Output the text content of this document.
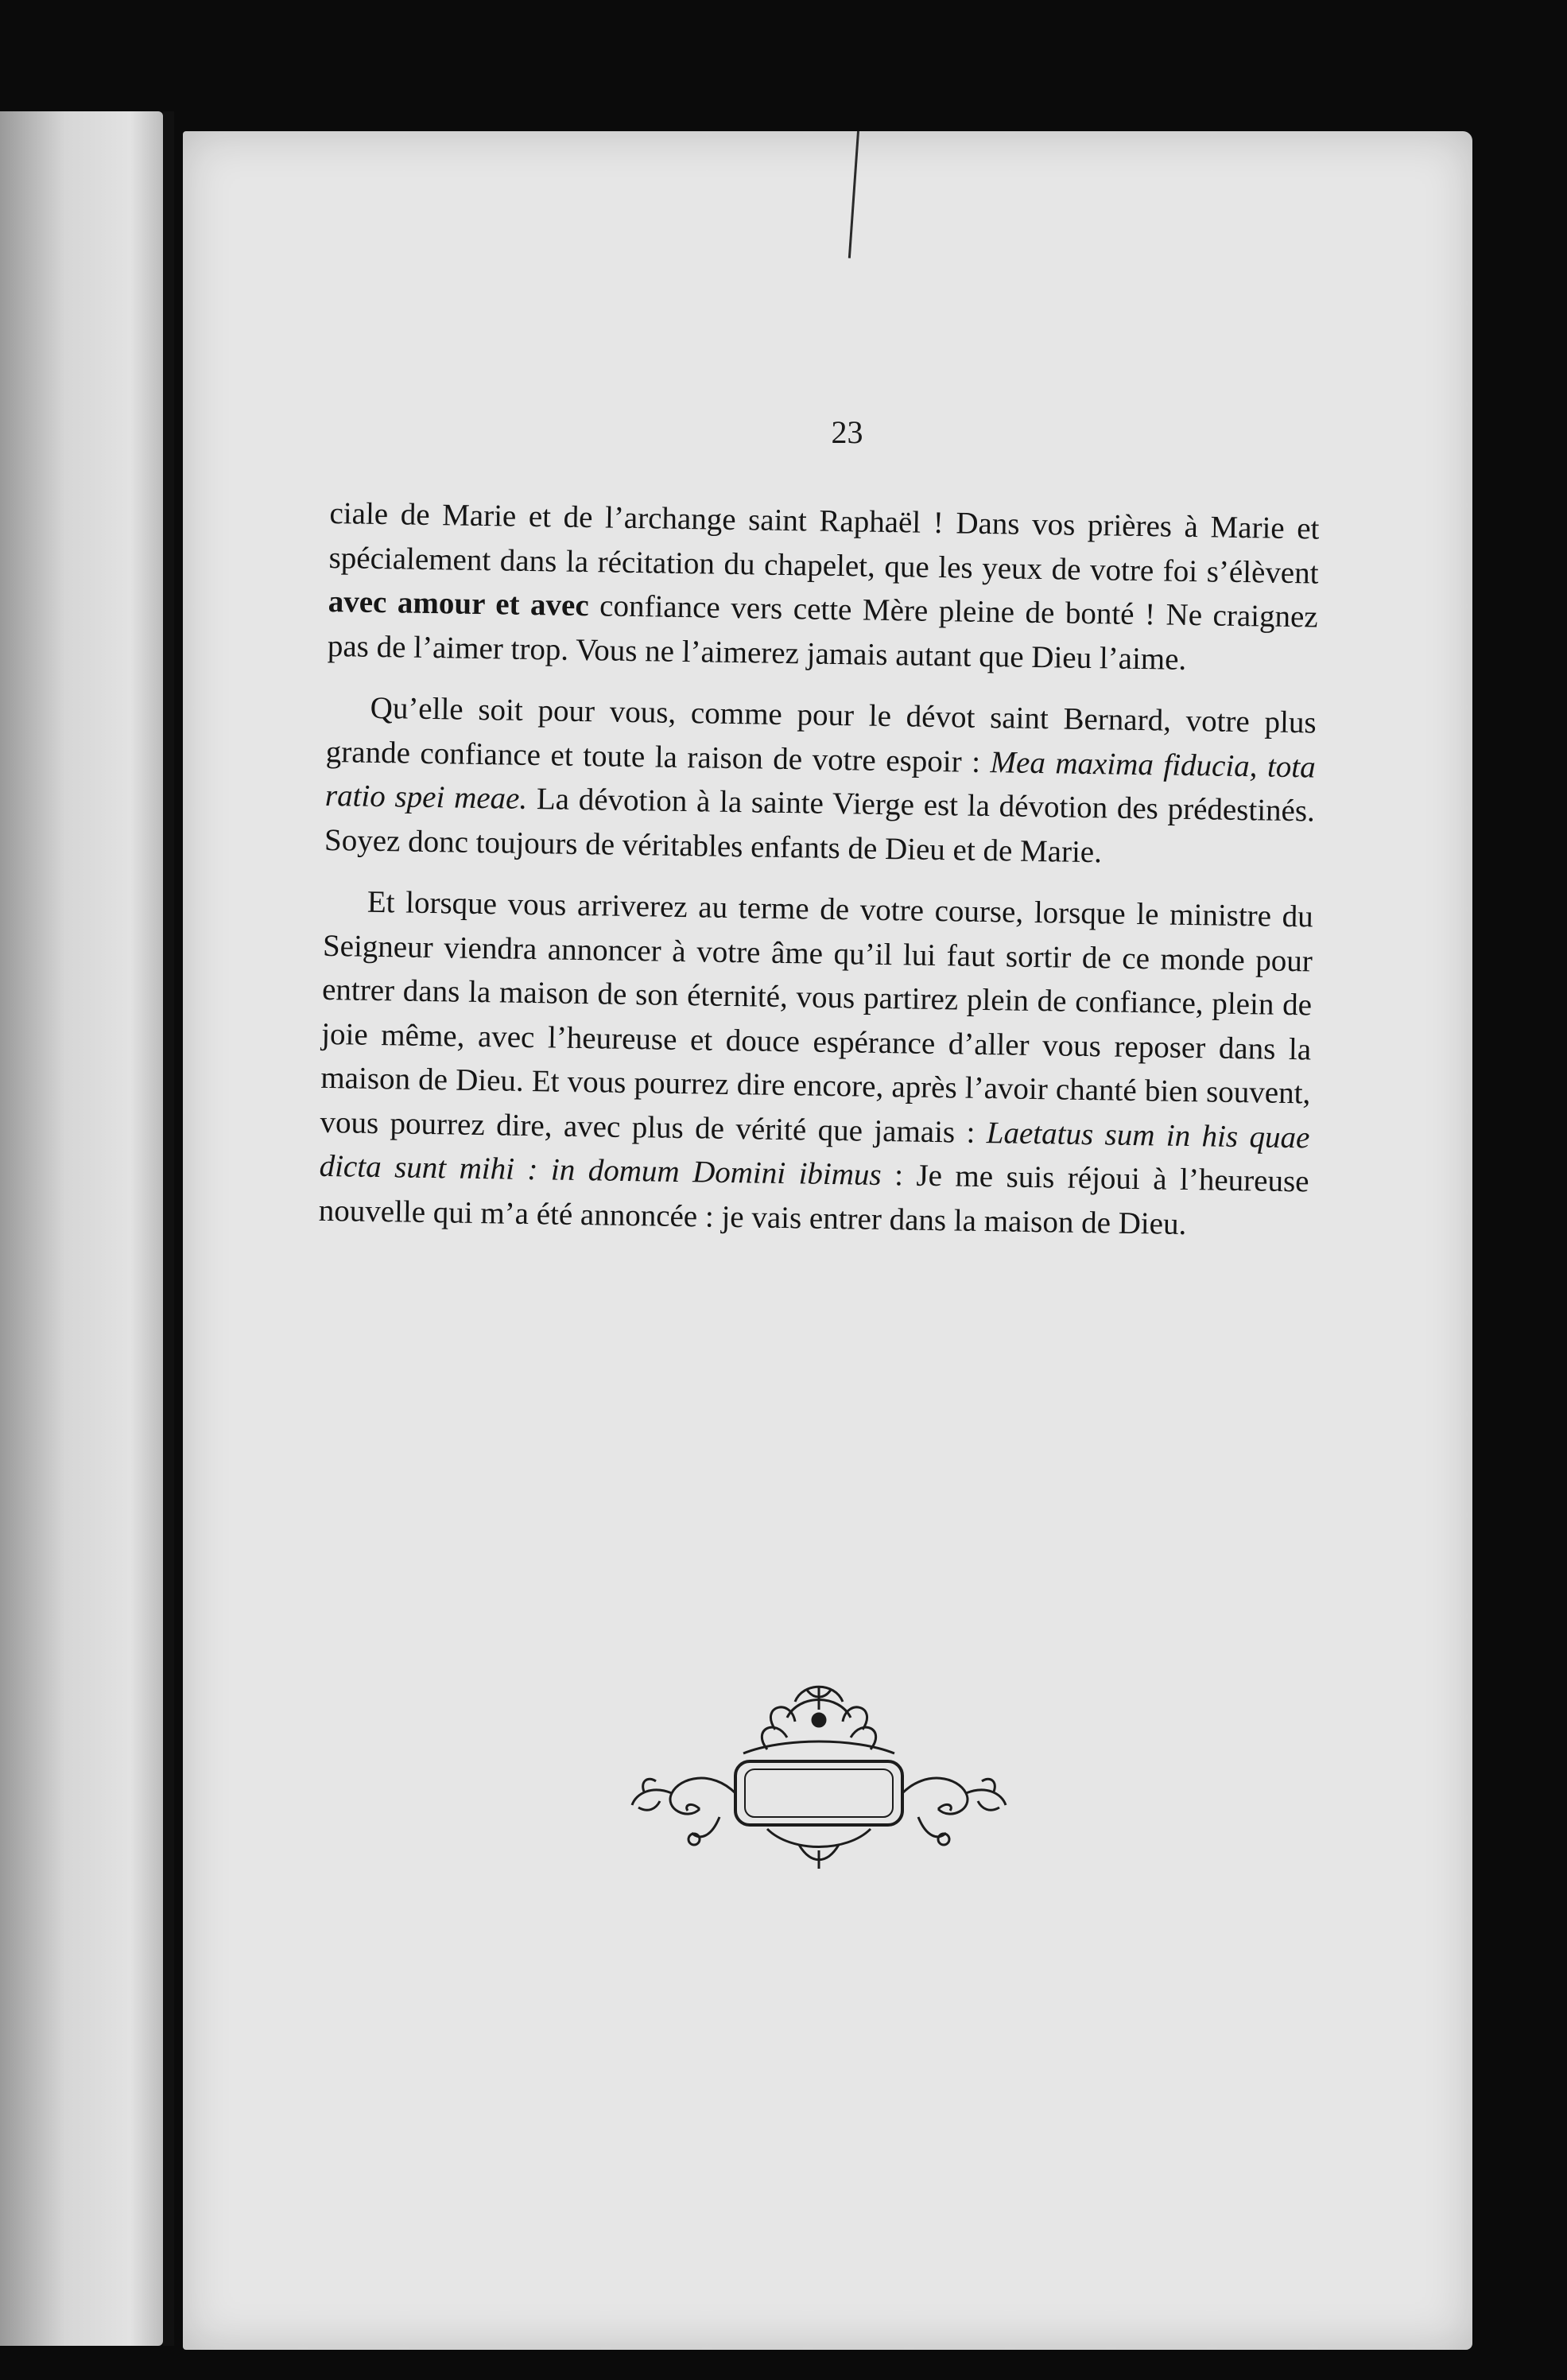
23

ciale de Marie et de l’archange saint Raphaël ! Dans vos prières à Marie et spécialement dans la récitation du chapelet, que les yeux de votre foi s’élèvent avec amour et avec confiance vers cette Mère pleine de bonté ! Ne craignez pas de l’aimer trop. Vous ne l’aimerez jamais autant que Dieu l’aime.

Qu’elle soit pour vous, comme pour le dévot saint Bernard, votre plus grande confiance et toute la raison de votre espoir : Mea maxima fiducia, tota ratio spei meae. La dévotion à la sainte Vierge est la dévotion des prédestinés. Soyez donc toujours de véritables enfants de Dieu et de Marie.

Et lorsque vous arriverez au terme de votre course, lorsque le ministre du Seigneur viendra annoncer à votre âme qu’il lui faut sortir de ce monde pour entrer dans la maison de son éternité, vous partirez plein de confiance, plein de joie même, avec l’heureuse et douce espérance d’aller vous reposer dans la maison de Dieu. Et vous pourrez dire encore, après l’avoir chanté bien souvent, vous pourrez dire, avec plus de vérité que jamais : Laetatus sum in his quae dicta sunt mihi : in domum Domini ibimus : Je me suis réjoui à l’heureuse nouvelle qui m’a été annoncée : je vais entrer dans la maison de Dieu.
